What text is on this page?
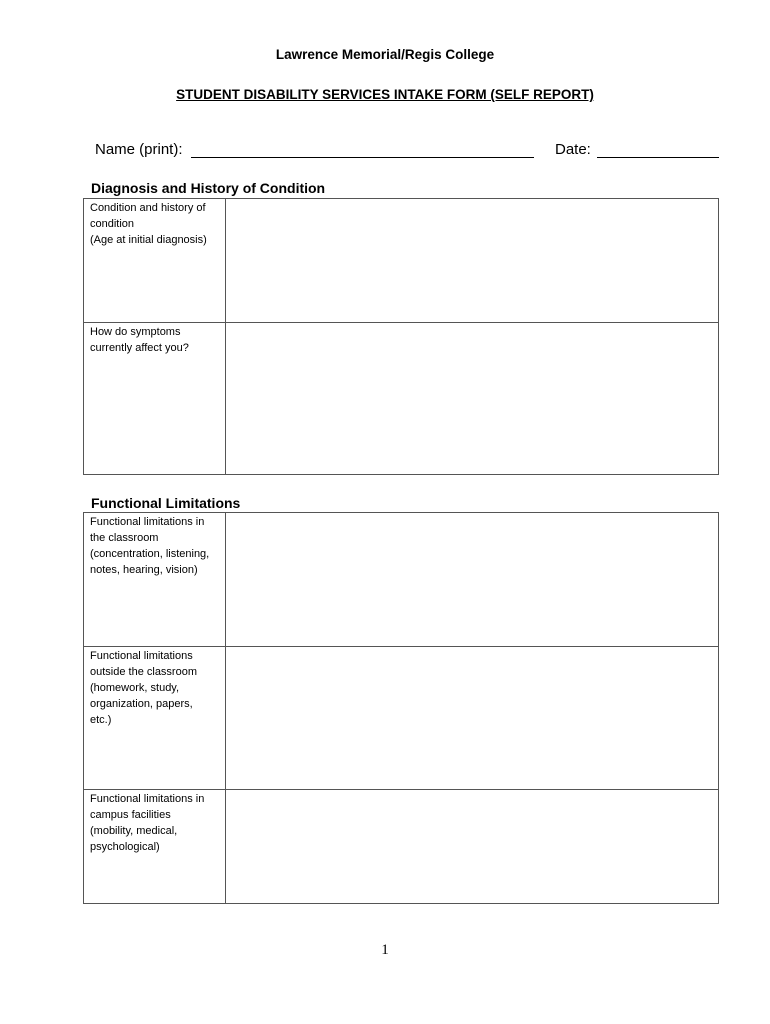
Lawrence Memorial/Regis College
STUDENT DISABILITY SERVICES INTAKE FORM (SELF REPORT)
Name (print):	Date:
Diagnosis and History of Condition
Condition and history of
condition
(Age at initial diagnosis)	

How do symptoms
currently affect you?	

Functional Limitations
Functional limitations in
the classroom
(concentration, listening,
notes, hearing, vision)	

Functional limitations
outside the classroom
(homework, study,
organization, papers,
etc.)	

Functional limitations in
campus facilities
(mobility, medical,
psychological)	

1
